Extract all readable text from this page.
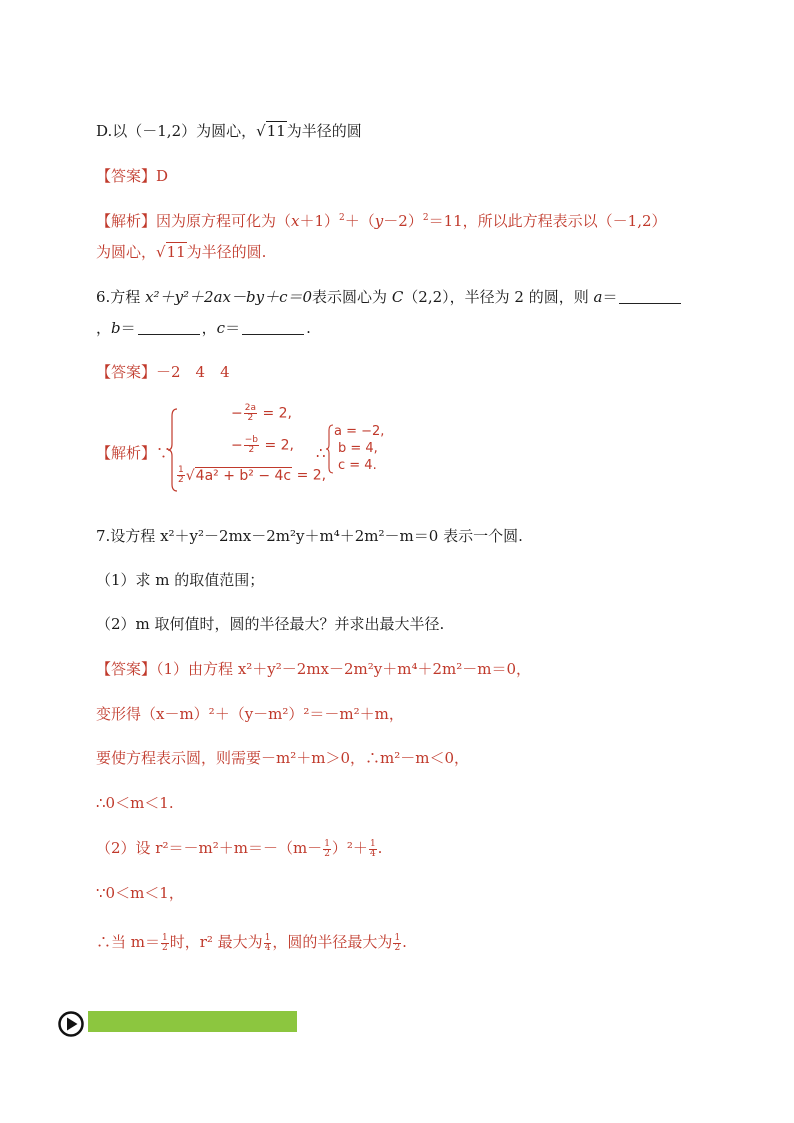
D.以（－1,2）为圆心，√11为半径的圆
【答案】D
【解析】因为原方程可化为$(x+1)^2+(y-2)^2=11$，所以此方程表示以（－1,2）
为圆心，√11为半径的圆.
6.方程 x²＋y²＋2ax－by＋c＝0表示圆心为 C（2,2），半径为 2 的圆，则 a＝
，b＝	，c＝	.
【答案】－2　4　4
【解析】∵
− $\frac{2a}{2} = 2$,
− $\frac{-b}{2} = 2$,
$\frac{1}{2} √4a^2 + b^2 - 4c = 2$,
∴
a = −2,
b = 4,
c = 4.
7.设方程 x²＋y²－2mx－2m²y＋m⁴＋2m²－m＝0 表示一个圆.
（1）求 m 的取值范围；
（2）m 取何值时，圆的半径最大？并求出最大半径.
【答案】（1）由方程 x²＋y²－2mx－2m²y＋m⁴＋2m²－m＝0，
变形得（x－m）²＋（y－m²）²＝－m²＋m，
要使方程表示圆，则需要－m²＋m＞0，∴m²－m＜0，
∴0＜m＜1.
（2）设 $r^2=-m^2+m=-(m- \frac{1}{2} )^2+ \frac{1}{4}$ .
∵0＜m＜1，
∴当 $m= \frac{1}{2}$ 时，r² 最大为 $\frac{1}{4}$ ，圆的半径最大为 $\frac{1}{2}$ .
